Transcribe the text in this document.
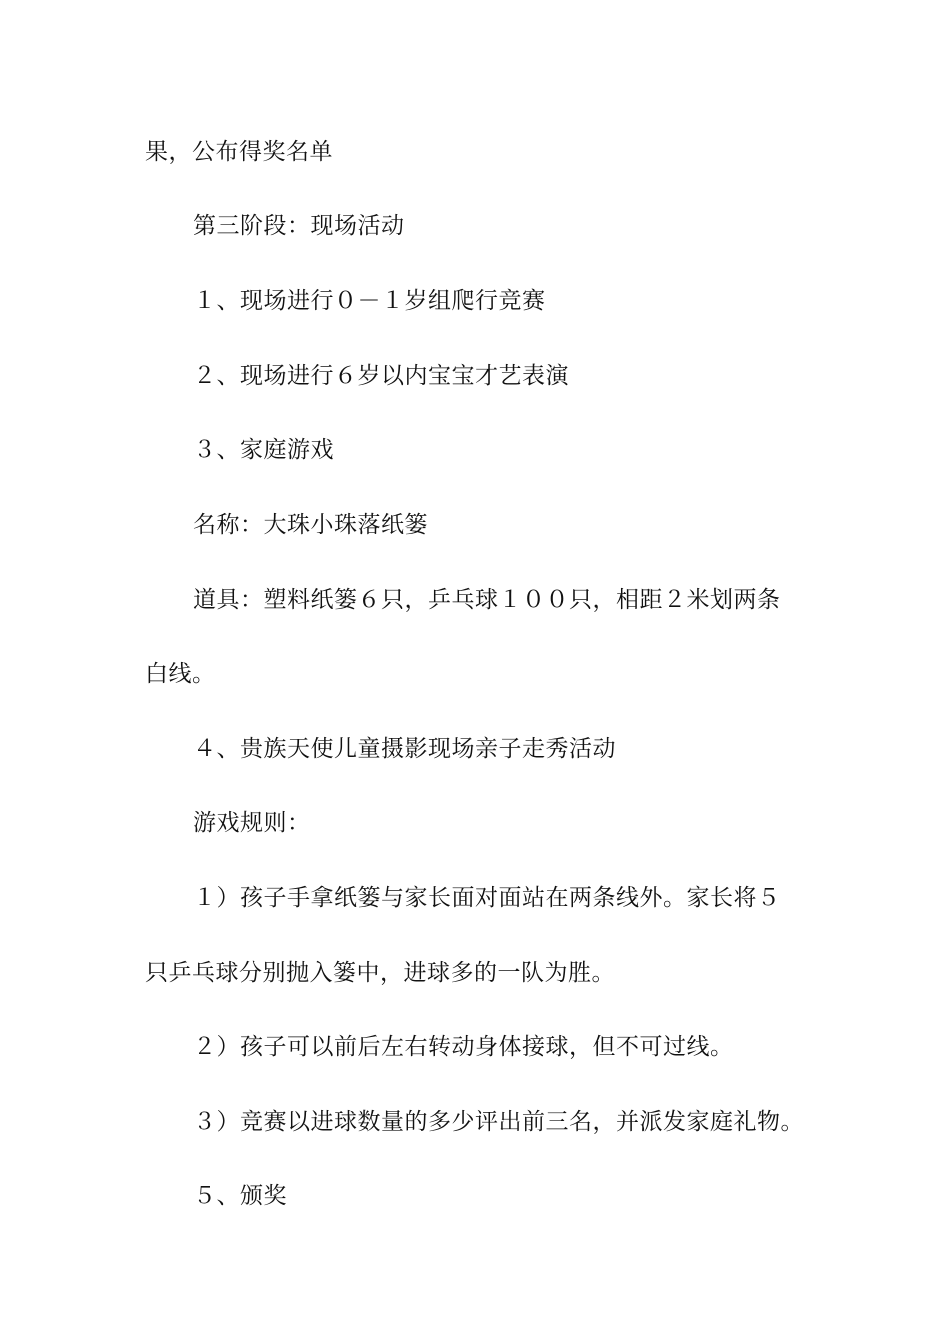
果，公布得奖名单
第三阶段：现场活动
１、现场进行０－１岁组爬行竞赛
２、现场进行６岁以内宝宝才艺表演
３、家庭游戏
名称：大珠小珠落纸篓
道具：塑料纸篓６只，乒乓球１００只，相距２米划两条
白线。
４、贵族天使儿童摄影现场亲子走秀活动
游戏规则：
１）孩子手拿纸篓与家长面对面站在两条线外。家长将５
只乒乓球分别抛入篓中，进球多的一队为胜。
２）孩子可以前后左右转动身体接球，但不可过线。
３）竞赛以进球数量的多少评出前三名，并派发家庭礼物。
５、颁奖
